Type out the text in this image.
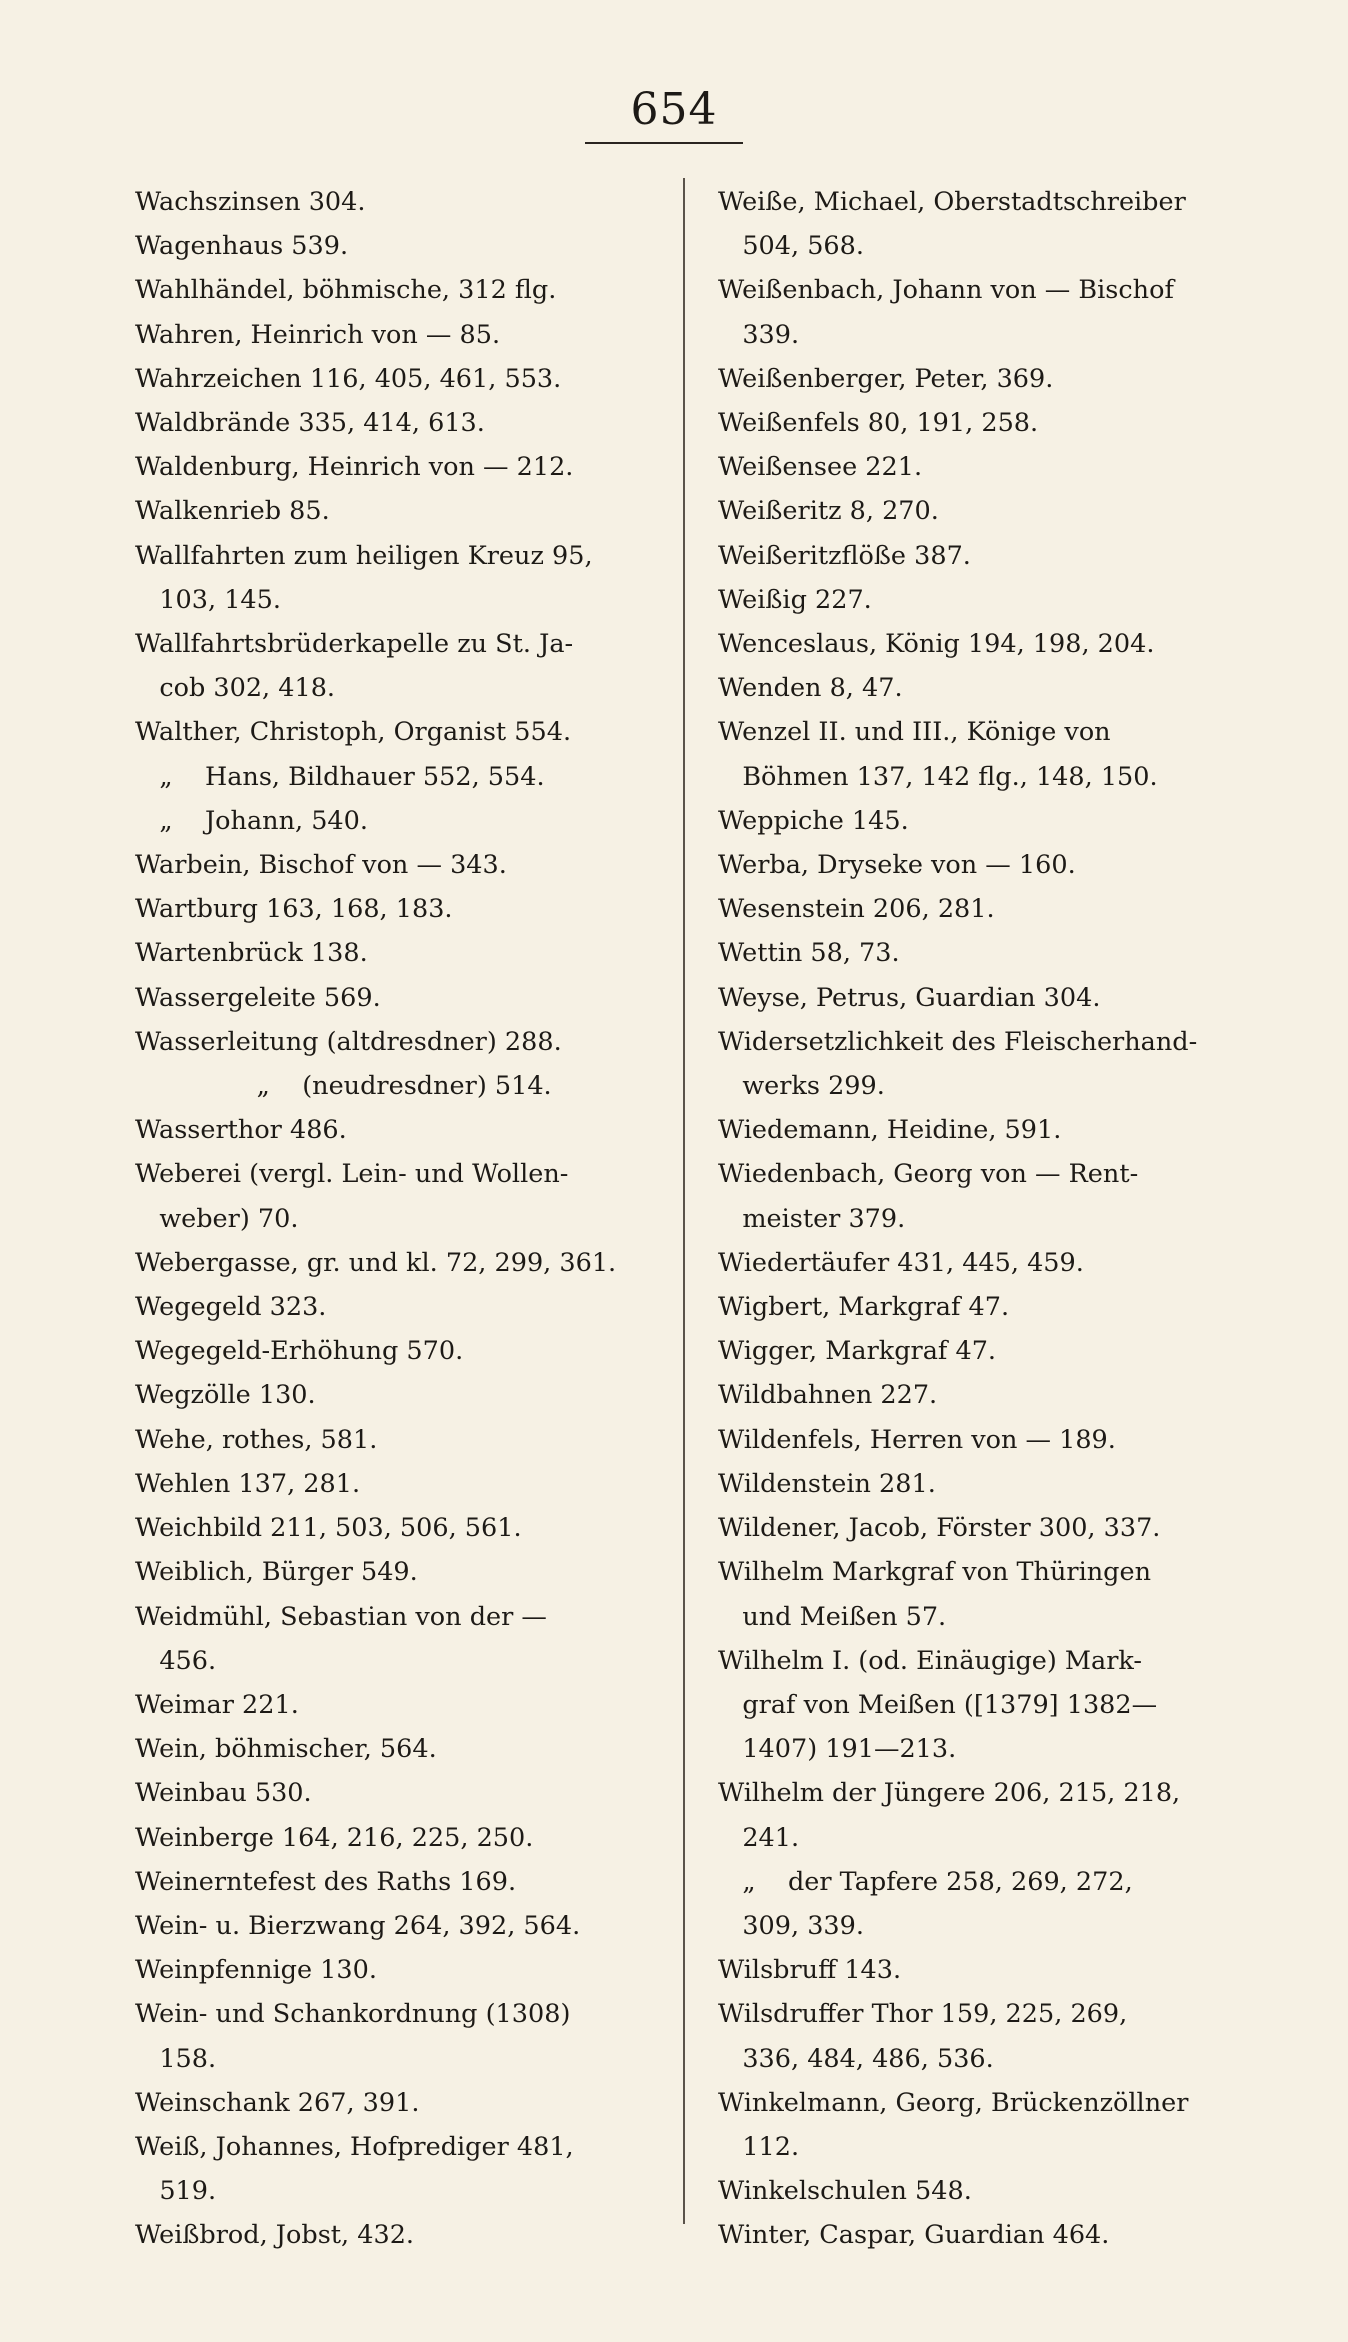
654
Wachszinsen 304.
Wagenhaus 539.
Wahlhändel, böhmische, 312 flg.
Wahren, Heinrich von — 85.
Wahrzeichen 116, 405, 461, 553.
Waldbrände 335, 414, 613.
Waldenburg, Heinrich von — 212.
Walkenrieb 85.
Wallfahrten zum heiligen Kreuz 95,
103, 145.
Wallfahrtsbrüderkapelle zu St. Ja-
cob 302, 418.
Walther, Christoph, Organist 554.
„    Hans, Bildhauer 552, 554.
„    Johann, 540.
Warbein, Bischof von — 343.
Wartburg 163, 168, 183.
Wartenbrück 138.
Wassergeleite 569.
Wasserleitung (altdresdner) 288.
„    (neudresdner) 514.
Wasserthor 486.
Weberei (vergl. Lein- und Wollen-
weber) 70.
Webergasse, gr. und kl. 72, 299, 361.
Wegegeld 323.
Wegegeld-Erhöhung 570.
Wegzölle 130.
Wehe, rothes, 581.
Wehlen 137, 281.
Weichbild 211, 503, 506, 561.
Weiblich, Bürger 549.
Weidmühl, Sebastian von der —
456.
Weimar 221.
Wein, böhmischer, 564.
Weinbau 530.
Weinberge 164, 216, 225, 250.
Weinerntefest des Raths 169.
Wein- u. Bierzwang 264, 392, 564.
Weinpfennige 130.
Wein- und Schankordnung (1308)
158.
Weinschank 267, 391.
Weiß, Johannes, Hofprediger 481,
519.
Weißbrod, Jobst, 432.
Weiße, Michael, Oberstadtschreiber
504, 568.
Weißenbach, Johann von — Bischof
339.
Weißenberger, Peter, 369.
Weißenfels 80, 191, 258.
Weißensee 221.
Weißeritz 8, 270.
Weißeritzflöße 387.
Weißig 227.
Wenceslaus, König 194, 198, 204.
Wenden 8, 47.
Wenzel II. und III., Könige von
Böhmen 137, 142 flg., 148, 150.
Weppiche 145.
Werba, Dryseke von — 160.
Wesenstein 206, 281.
Wettin 58, 73.
Weyse, Petrus, Guardian 304.
Widersetzlichkeit des Fleischerhand-
werks 299.
Wiedemann, Heidine, 591.
Wiedenbach, Georg von — Rent-
meister 379.
Wiedertäufer 431, 445, 459.
Wigbert, Markgraf 47.
Wigger, Markgraf 47.
Wildbahnen 227.
Wildenfels, Herren von — 189.
Wildenstein 281.
Wildener, Jacob, Förster 300, 337.
Wilhelm Markgraf von Thüringen
und Meißen 57.
Wilhelm I. (od. Einäugige) Mark-
graf von Meißen ([1379] 1382—
1407) 191—213.
Wilhelm der Jüngere 206, 215, 218,
241.
„    der Tapfere 258, 269, 272,
309, 339.
Wilsbruff 143.
Wilsdruffer Thor 159, 225, 269,
336, 484, 486, 536.
Winkelmann, Georg, Brückenzöllner
112.
Winkelschulen 548.
Winter, Caspar, Guardian 464.
